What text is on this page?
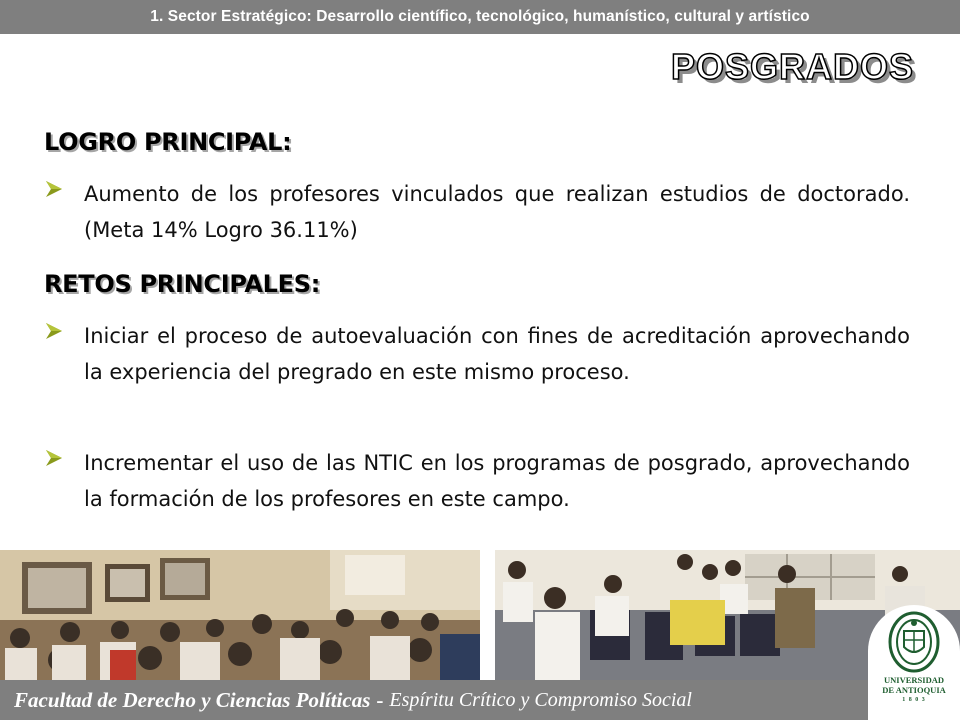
1. Sector Estratégico: Desarrollo científico, tecnológico, humanístico, cultural y artístico
POSGRADOS
LOGRO PRINCIPAL:
Aumento de los profesores vinculados que realizan estudios de doctorado. (Meta 14% Logro 36.11%)
RETOS PRINCIPALES:
Iniciar el proceso de autoevaluación con fines de acreditación aprovechando la experiencia del pregrado en este mismo proceso.
Incrementar el uso de las NTIC en los programas de posgrado, aprovechando la formación de los profesores en este campo.
UNIVERSIDAD
DE ANTIOQUIA
1 8 0 3
Facultad de Derecho y Ciencias Políticas - Espíritu Crítico y Compromiso Social
